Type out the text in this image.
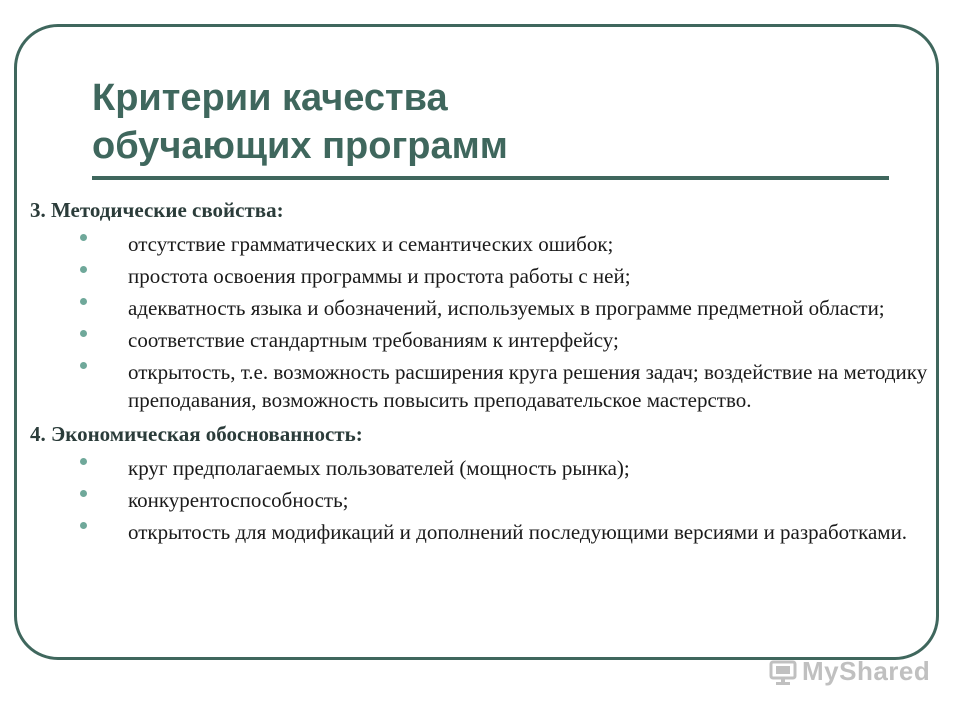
Критерии качества
обучающих программ
3. Методические свойства:
отсутствие грамматических и семантических ошибок;
простота освоения программы и простота работы с ней;
адекватность языка и обозначений, используемых в программе предметной области;
соответствие стандартным требованиям к интерфейсу;
открытость, т.е. возможность расширения круга решения задач; воздействие на методику преподавания, возможность повысить преподавательское мастерство.
4. Экономическая обоснованность:
круг предполагаемых пользователей (мощность рынка);
конкурентоспособность;
открытость для модификаций и дополнений последующими версиями и разработками.
MyShared
